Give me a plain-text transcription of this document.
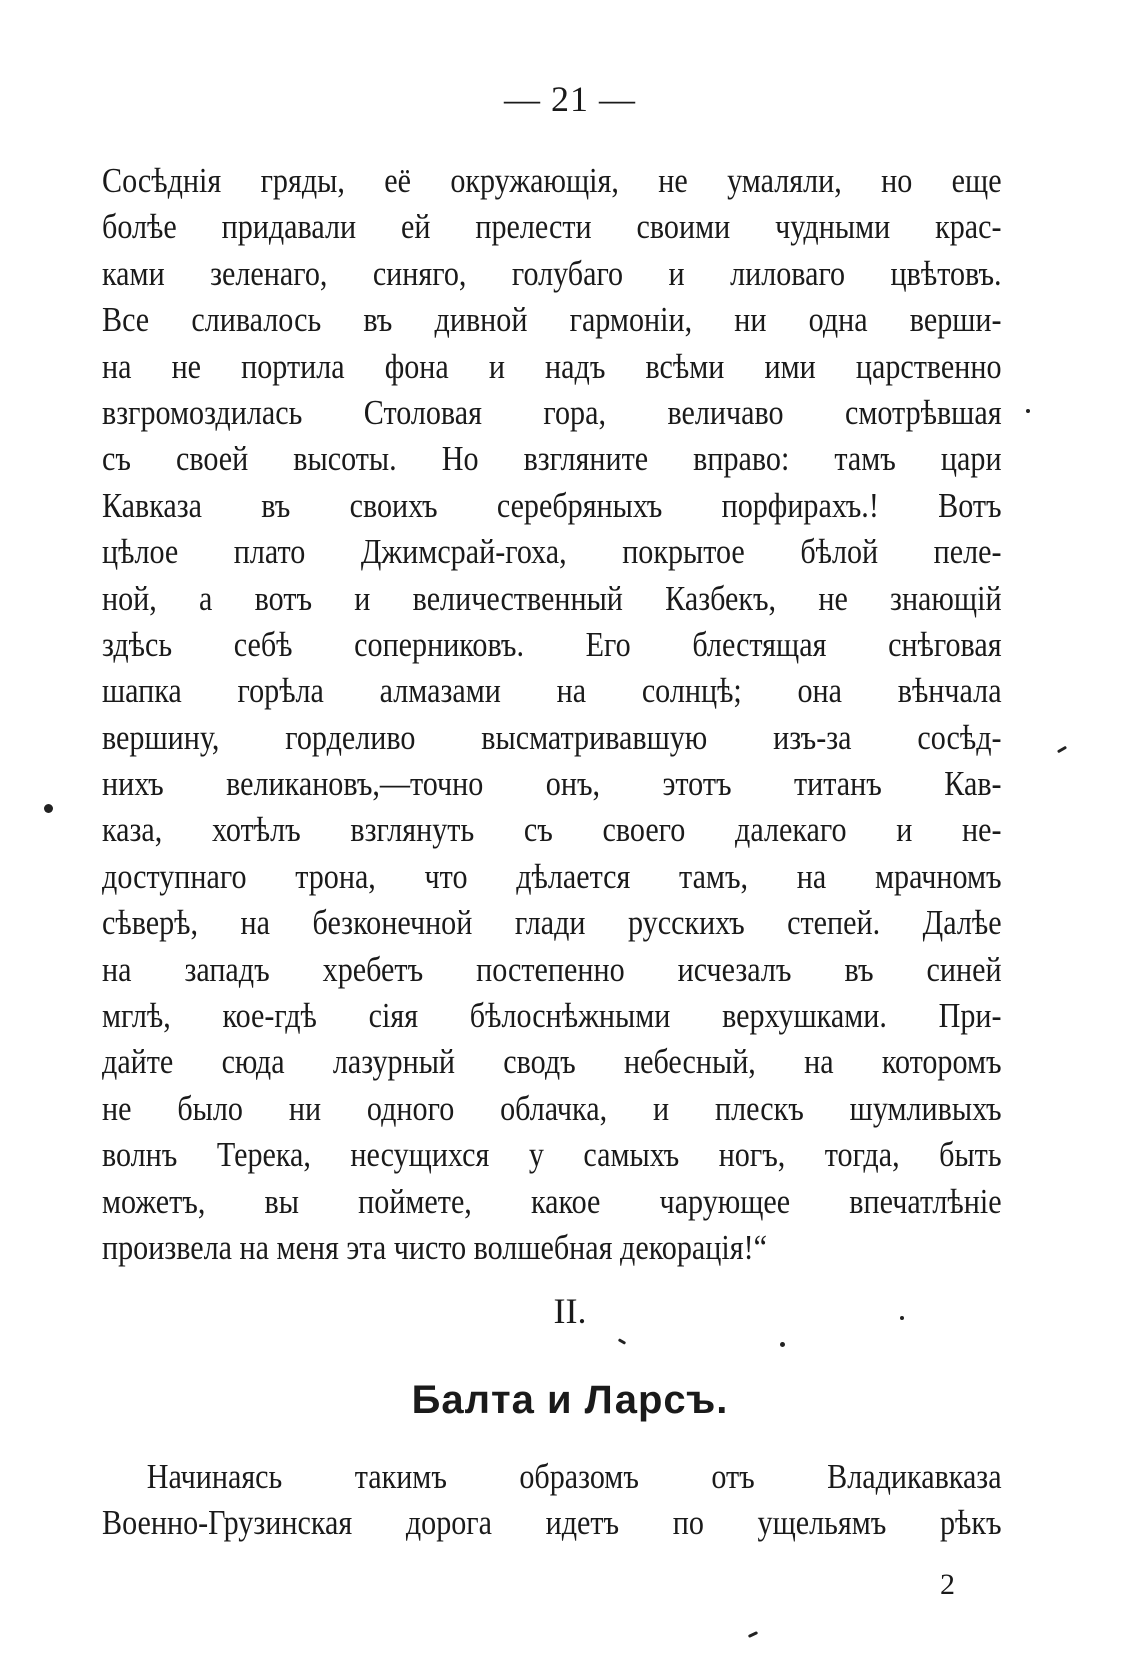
— 21 —
Сосѣднія гряды, её окружающія, не умаляли, но еще
болѣе придавали ей прелести своими чудными крас-
ками зеленаго, синяго, голубаго и лиловаго цвѣтовъ.
Все сливалось въ дивной гармоніи, ни одна верши-
на не портила фона и надъ всѣми ими царственно
взгромоздилась Столовая гора, величаво смотрѣвшая
съ своей высоты. Но взгляните вправо: тамъ цари
Кавказа въ своихъ серебряныхъ порфирахъ.! Вотъ
цѣлое плато Джимсрай-гоха, покрытое бѣлой пеле-
ной, а вотъ и величественный Казбекъ, не знающій
здѣсь себѣ соперниковъ. Его блестящая снѣговая
шапка горѣла алмазами на солнцѣ; она вѣнчала
вершину, горделиво высматривавшую изъ-за сосѣд-
нихъ великановъ,—точно онъ, этотъ титанъ Кав-
каза, хотѣлъ взглянуть съ своего далекаго и не-
доступнаго трона, что дѣлается тамъ, на мрачномъ
сѣверѣ, на безконечной глади русскихъ степей. Далѣе
на западъ хребетъ постепенно исчезалъ въ синей
мглѣ, кое-гдѣ сіяя бѣлоснѣжными верхушками. При-
дайте сюда лазурный сводъ небесный, на которомъ
не было ни одного облачка, и плескъ шумливыхъ
волнъ Терека, несущихся у самыхъ ногъ, тогда, быть
можетъ, вы поймете, какое чарующее впечатлѣніе
произвела на меня эта чисто волшебная декорація!“
II.
Балта и Ларсъ.
Начинаясь такимъ образомъ отъ Владикавказа
Военно-Грузинская дорога идетъ по ущельямъ рѣкъ
2
